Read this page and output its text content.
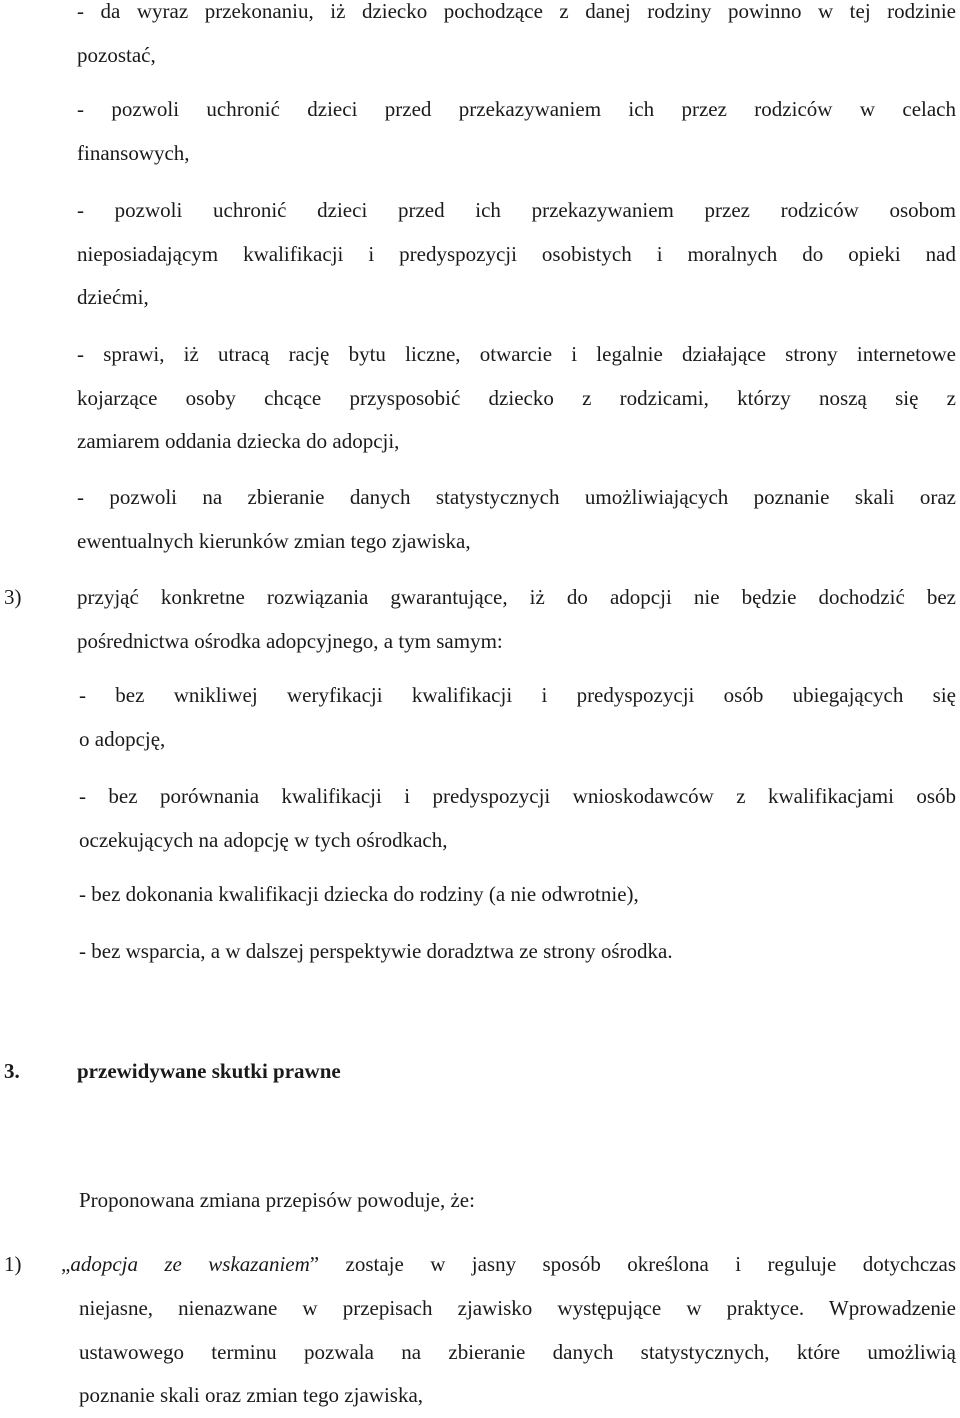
- da wyraz przekonaniu, iż dziecko pochodzące z danej rodziny powinno w tej rodzinie
pozostać,
- pozwoli uchronić dzieci przed przekazywaniem ich przez rodziców w celach
finansowych,
- pozwoli uchronić dzieci przed ich przekazywaniem przez rodziców osobom
nieposiadającym kwalifikacji i predyspozycji osobistych i moralnych do opieki nad
dziećmi,
- sprawi, iż utracą rację bytu liczne, otwarcie i legalnie działające strony internetowe
kojarzące osoby chcące przysposobić dziecko z rodzicami, którzy noszą się z
zamiarem oddania dziecka do adopcji,
- pozwoli na zbieranie danych statystycznych umożliwiających poznanie skali oraz
ewentualnych kierunków zmian tego zjawiska,
3)	przyjąć konkretne rozwiązania gwarantujące, iż do adopcji nie będzie dochodzić bez
pośrednictwa ośrodka adopcyjnego, a tym samym:
- bez wnikliwej weryfikacji kwalifikacji i predyspozycji osób ubiegających się
o adopcję,
- bez porównania kwalifikacji i predyspozycji wnioskodawców z kwalifikacjami osób
oczekujących na adopcję w tych ośrodkach,
- bez dokonania kwalifikacji dziecka do rodziny (a nie odwrotnie),
- bez wsparcia, a w dalszej perspektywie doradztwa ze strony ośrodka.
3.	przewidywane skutki prawne
Proponowana zmiana przepisów powoduje, że:
1) „adopcja ze wskazaniem” zostaje w jasny sposób określona i reguluje dotychczas
niejasne, nienazwane w przepisach zjawisko występujące w praktyce. Wprowadzenie
ustawowego terminu pozwala na zbieranie danych statystycznych, które umożliwią
poznanie skali oraz zmian tego zjawiska,
